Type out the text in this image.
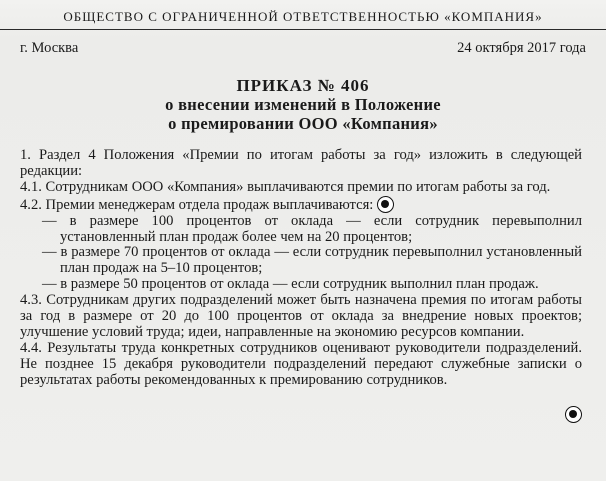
ОБЩЕСТВО С ОГРАНИЧЕННОЙ ОТВЕТСТВЕННОСТЬЮ «КОМПАНИЯ»
г. Москва	24 октября 2017 года
ПРИКАЗ № 406
о внесении изменений в Положение
о премировании ООО «Компания»

1. Раздел 4 Положения «Премии по итогам работы за год» изложить в следующей редакции:

4.1. Сотрудникам ООО «Компания» выплачиваются премии по итогам работы за год.

4.2. Премии менеджерам отдела продаж выплачиваются:

— в размере 100 процентов от оклада — если сотрудник перевыполнил установленный план продаж более чем на 20 процентов;

— в размере 70 процентов от оклада — если сотрудник перевыполнил установленный план продаж на 5–10 процентов;

— в размере 50 процентов от оклада — если сотрудник выполнил план продаж.

4.3. Сотрудникам других подразделений может быть назначена премия по итогам работы за год в размере от 20 до 100 процентов от оклада за внедрение новых проектов; улучшение условий труда; идеи, направленные на экономию ресурсов компании.

4.4. Результаты труда конкретных сотрудников оценивают руководители подразделений. Не позднее 15 декабря руководители подразделений передают служебные записки о результатах работы рекомендованных к премированию сотрудников.
